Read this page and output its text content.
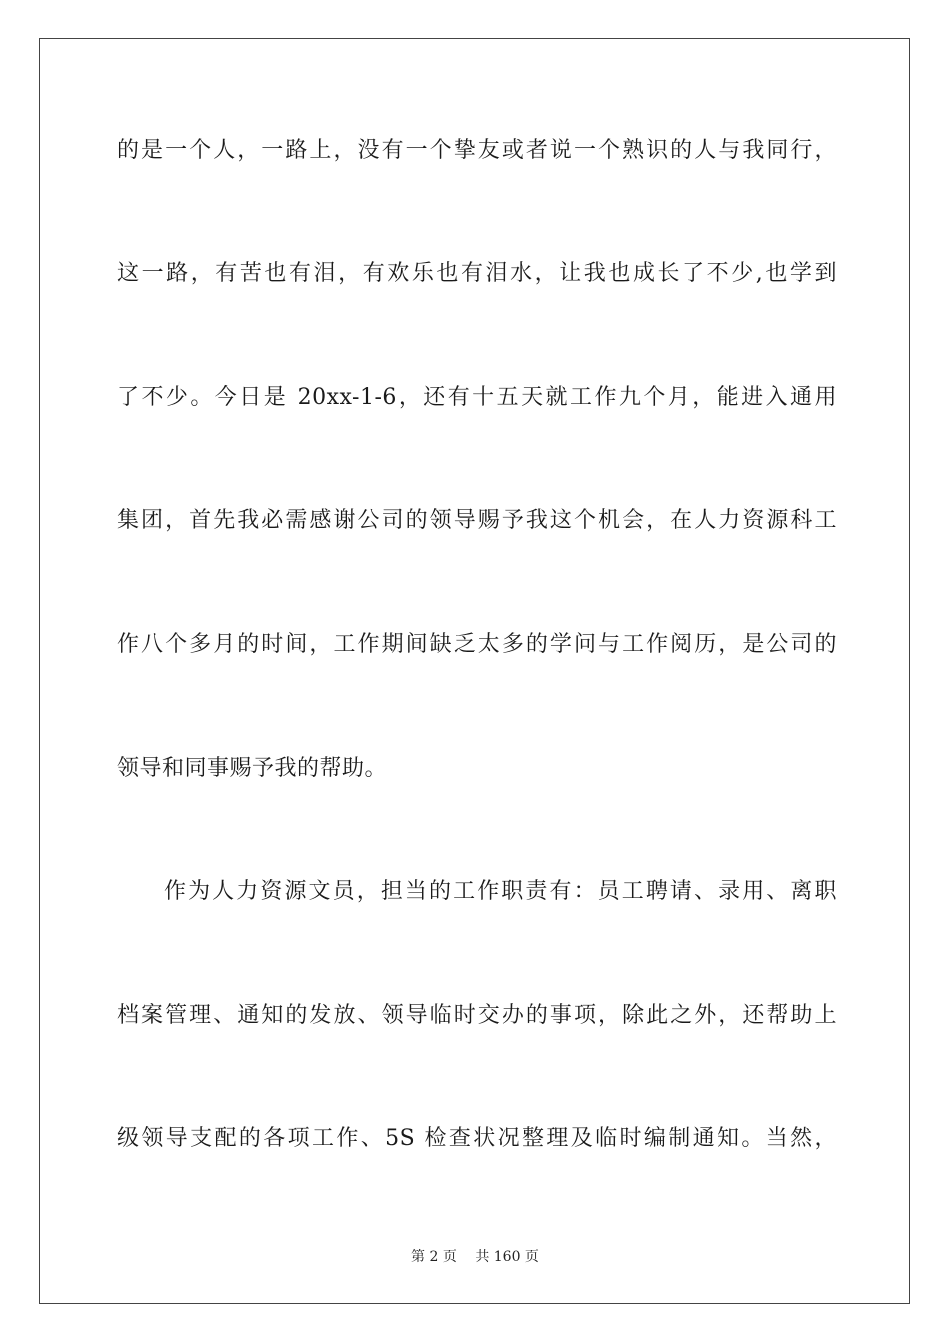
的是一个人，一路上，没有一个挚友或者说一个熟识的人与我同行，
这一路，有苦也有泪，有欢乐也有泪水，让我也成长了不少,也学到
了不少。今日是 20xx-1-6，还有十五天就工作九个月，能进入通用
集团，首先我必需感谢公司的领导赐予我这个机会，在人力资源科工
作八个多月的时间，工作期间缺乏太多的学问与工作阅历，是公司的
领导和同事赐予我的帮助。
作为人力资源文员，担当的工作职责有：员工聘请、录用、离职
档案管理、通知的发放、领导临时交办的事项，除此之外，还帮助上
级领导支配的各项工作、5S 检查状况整理及临时编制通知。当然，
第 2 页 共 160 页
